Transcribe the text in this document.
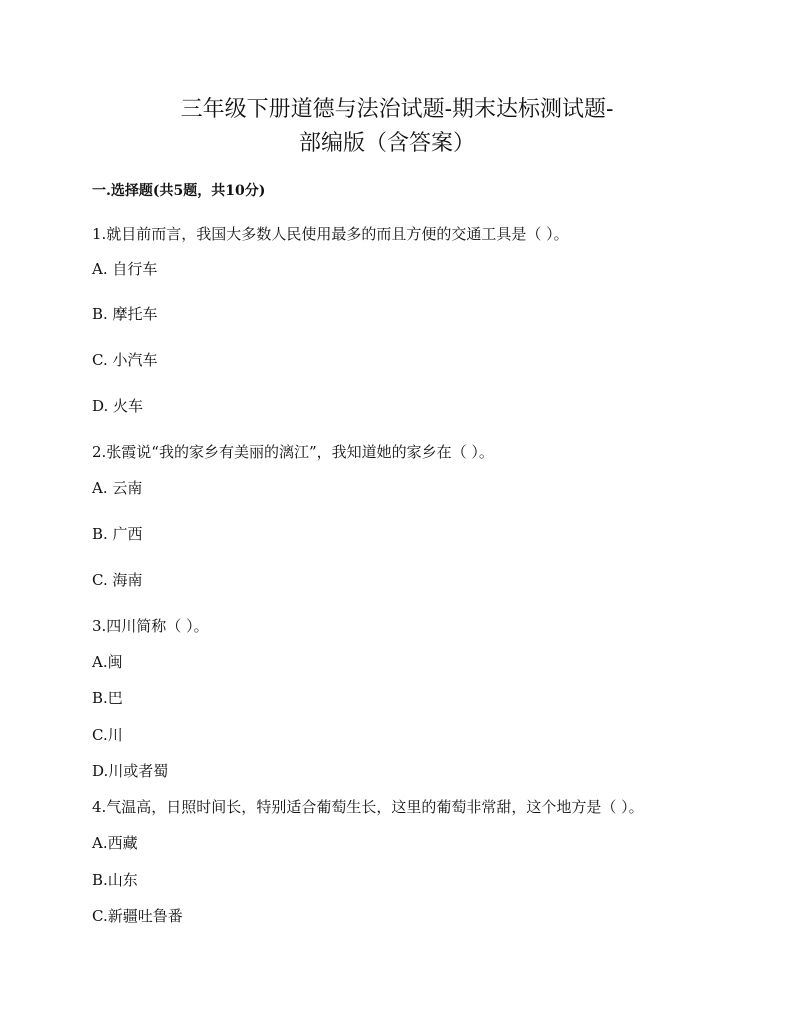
三年级下册道德与法治试题-期末达标测试题-
部编版（含答案）
一.选择题(共5题，共10分)
1.就目前而言，我国大多数人民使用最多的而且方便的交通工具是（ ）。
A. 自行车
B. 摩托车
C. 小汽车
D. 火车
2.张霞说“我的家乡有美丽的漓江”，我知道她的家乡在（ ）。
A. 云南
B. 广西
C. 海南
3.四川简称（ ）。
A.闽
B.巴
C.川
D.川或者蜀
4.气温高，日照时间长，特别适合葡萄生长，这里的葡萄非常甜，这个地方是（ ）。
A.西藏
B.山东
C.新疆吐鲁番
